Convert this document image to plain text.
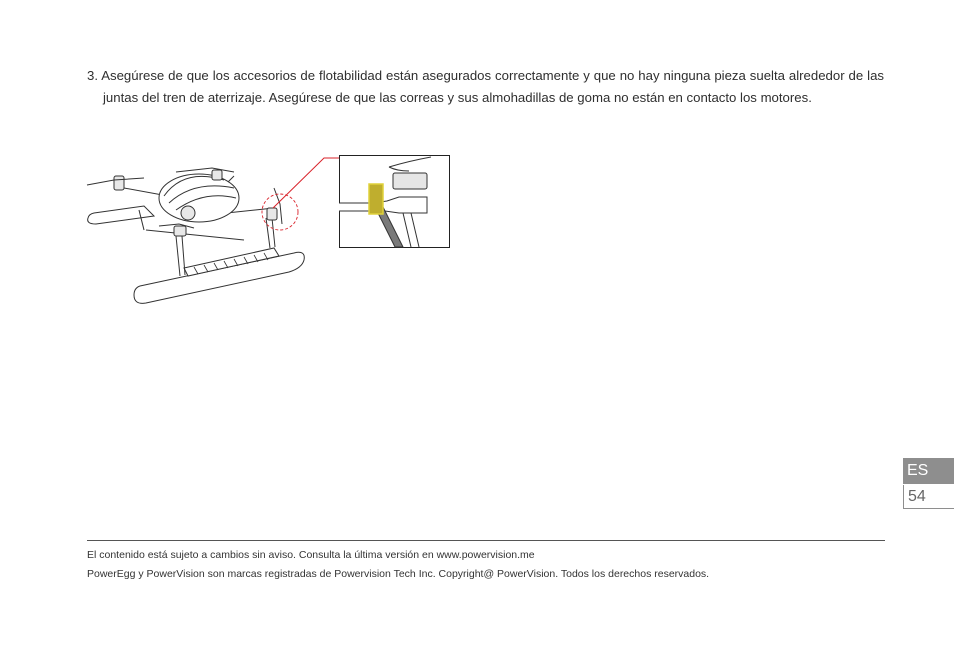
3. Asegúrese de que los accesorios de flotabilidad están asegurados correctamente y que no hay ninguna pieza suelta alrededor de las juntas del tren de aterrizaje. Asegúrese de que las correas y sus almohadillas de goma no están en contacto los motores.

El contenido está sujeto a cambios sin aviso. Consulta la última versión en www.powervision.me
PowerEgg y PowerVision son marcas registradas de Powervision Tech Inc. Copyright@ PowerVision. Todos los derechos reservados.
ES
54
